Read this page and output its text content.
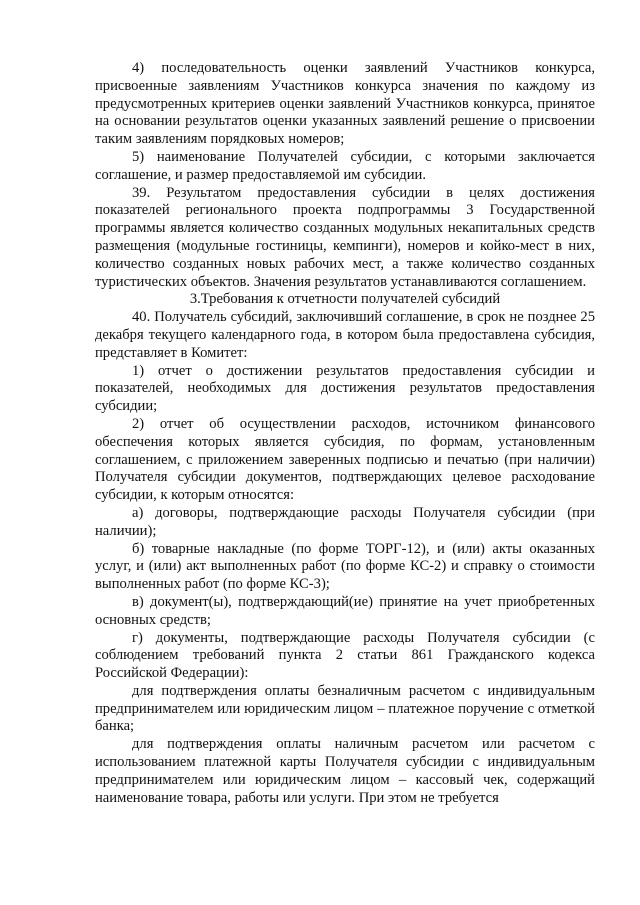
4) последовательность оценки заявлений Участников конкурса, присвоенные заявлениям Участников конкурса значения по каждому из предусмотренных критериев оценки заявлений Участников конкурса, принятое на основании результатов оценки указанных заявлений решение о присвоении таким заявлениям порядковых номеров;

5) наименование Получателей субсидии, с которыми заключается соглашение, и размер предоставляемой им субсидии.

39. Результатом предоставления субсидии в целях достижения показателей регионального проекта подпрограммы 3 Государственной программы является количество созданных модульных некапитальных средств размещения (модульные гостиницы, кемпинги), номеров и койко-мест в них, количество созданных новых рабочих мест, а также количество созданных туристических объектов. Значения результатов устанавливаются соглашением.

3.Требования к отчетности получателей субсидий

40. Получатель субсидий, заключивший соглашение, в срок не позднее 25 декабря текущего календарного года, в котором была предоставлена субсидия, представляет в Комитет:

1) отчет о достижении результатов предоставления субсидии и показателей, необходимых для достижения результатов предоставления субсидии;

2) отчет об осуществлении расходов, источником финансового обеспечения которых является субсидия, по формам, установленным соглашением, с приложением заверенных подписью и печатью (при наличии) Получателя субсидии документов, подтверждающих целевое расходование субсидии, к которым относятся:

а) договоры, подтверждающие расходы Получателя субсидии (при наличии);

б) товарные накладные (по форме ТОРГ-12), и (или) акты оказанных услуг, и (или) акт выполненных работ (по форме КС-2) и справку о стоимости выполненных работ (по форме КС-3);

в) документ(ы), подтверждающий(ие) принятие на учет приобретенных основных средств;

г) документы, подтверждающие расходы Получателя субсидии (с соблюдением требований пункта 2 статьи 861 Гражданского кодекса Российской Федерации):

для подтверждения оплаты безналичным расчетом с индивидуальным предпринимателем или юридическим лицом – платежное поручение с отметкой банка;

для подтверждения оплаты наличным расчетом или расчетом с использованием платежной карты Получателя субсидии с индивидуальным предпринимателем или юридическим лицом – кассовый чек, содержащий наименование товара, работы или услуги. При этом не требуется
